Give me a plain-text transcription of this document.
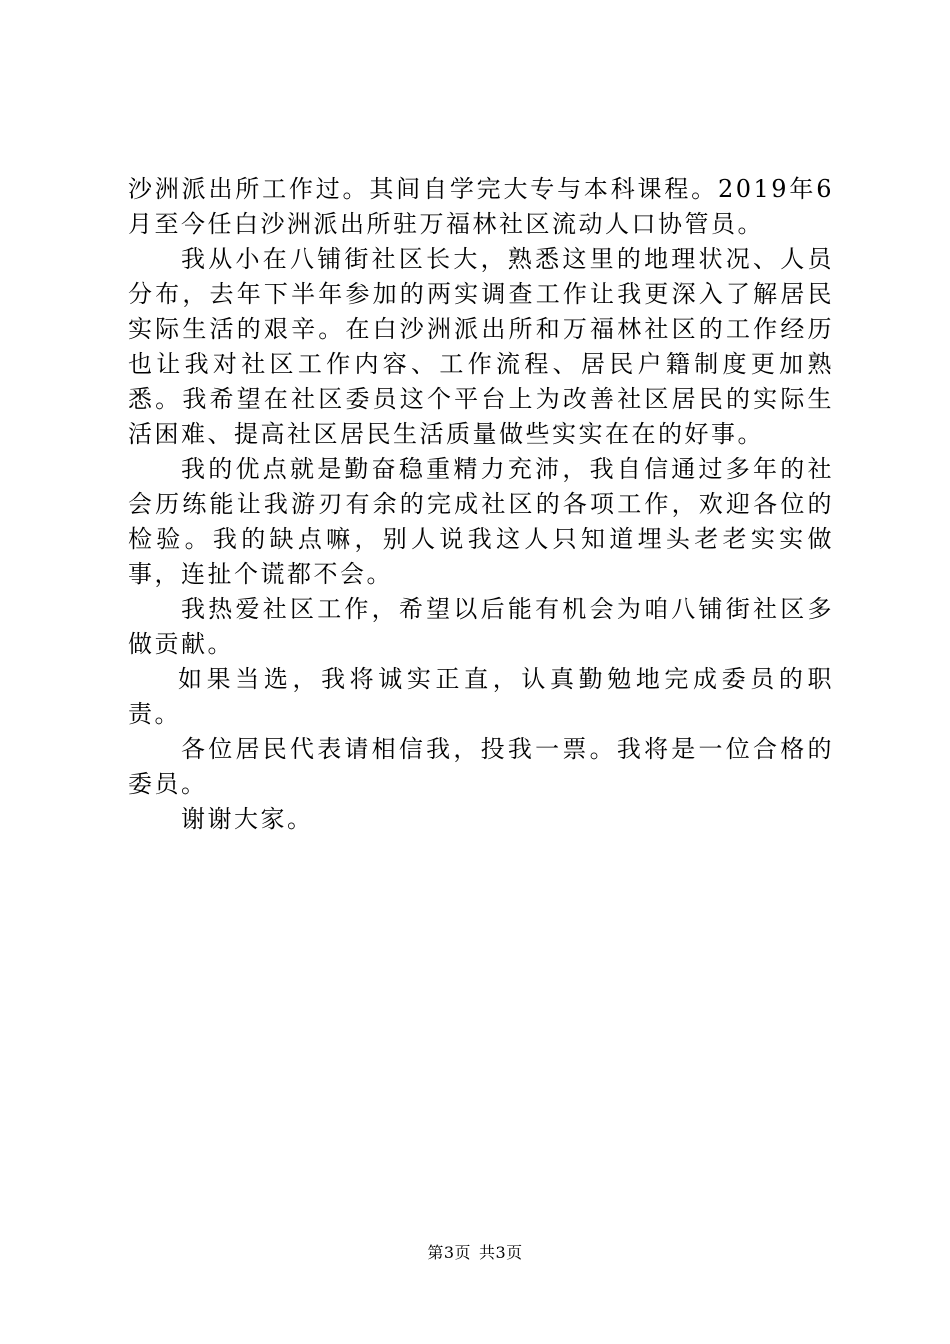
沙洲派出所工作过。其间自学完大专与本科课程。2019年6月至今任白沙洲派出所驻万福林社区流动人口协管员。

我从小在八铺街社区长大，熟悉这里的地理状况、人员分布，去年下半年参加的两实调查工作让我更深入了解居民实际生活的艰辛。在白沙洲派出所和万福林社区的工作经历也让我对社区工作内容、工作流程、居民户籍制度更加熟悉。我希望在社区委员这个平台上为改善社区居民的实际生活困难、提高社区居民生活质量做些实实在在的好事。

我的优点就是勤奋稳重精力充沛，我自信通过多年的社会历练能让我游刃有余的完成社区的各项工作，欢迎各位的检验。我的缺点嘛，别人说我这人只知道埋头老老实实做事，连扯个谎都不会。

我热爱社区工作，希望以后能有机会为咱八铺街社区多做贡献。

如果当选，我将诚实正直，认真勤勉地完成委员的职责。

各位居民代表请相信我，投我一票。我将是一位合格的委员。

谢谢大家。

第3页 共3页
